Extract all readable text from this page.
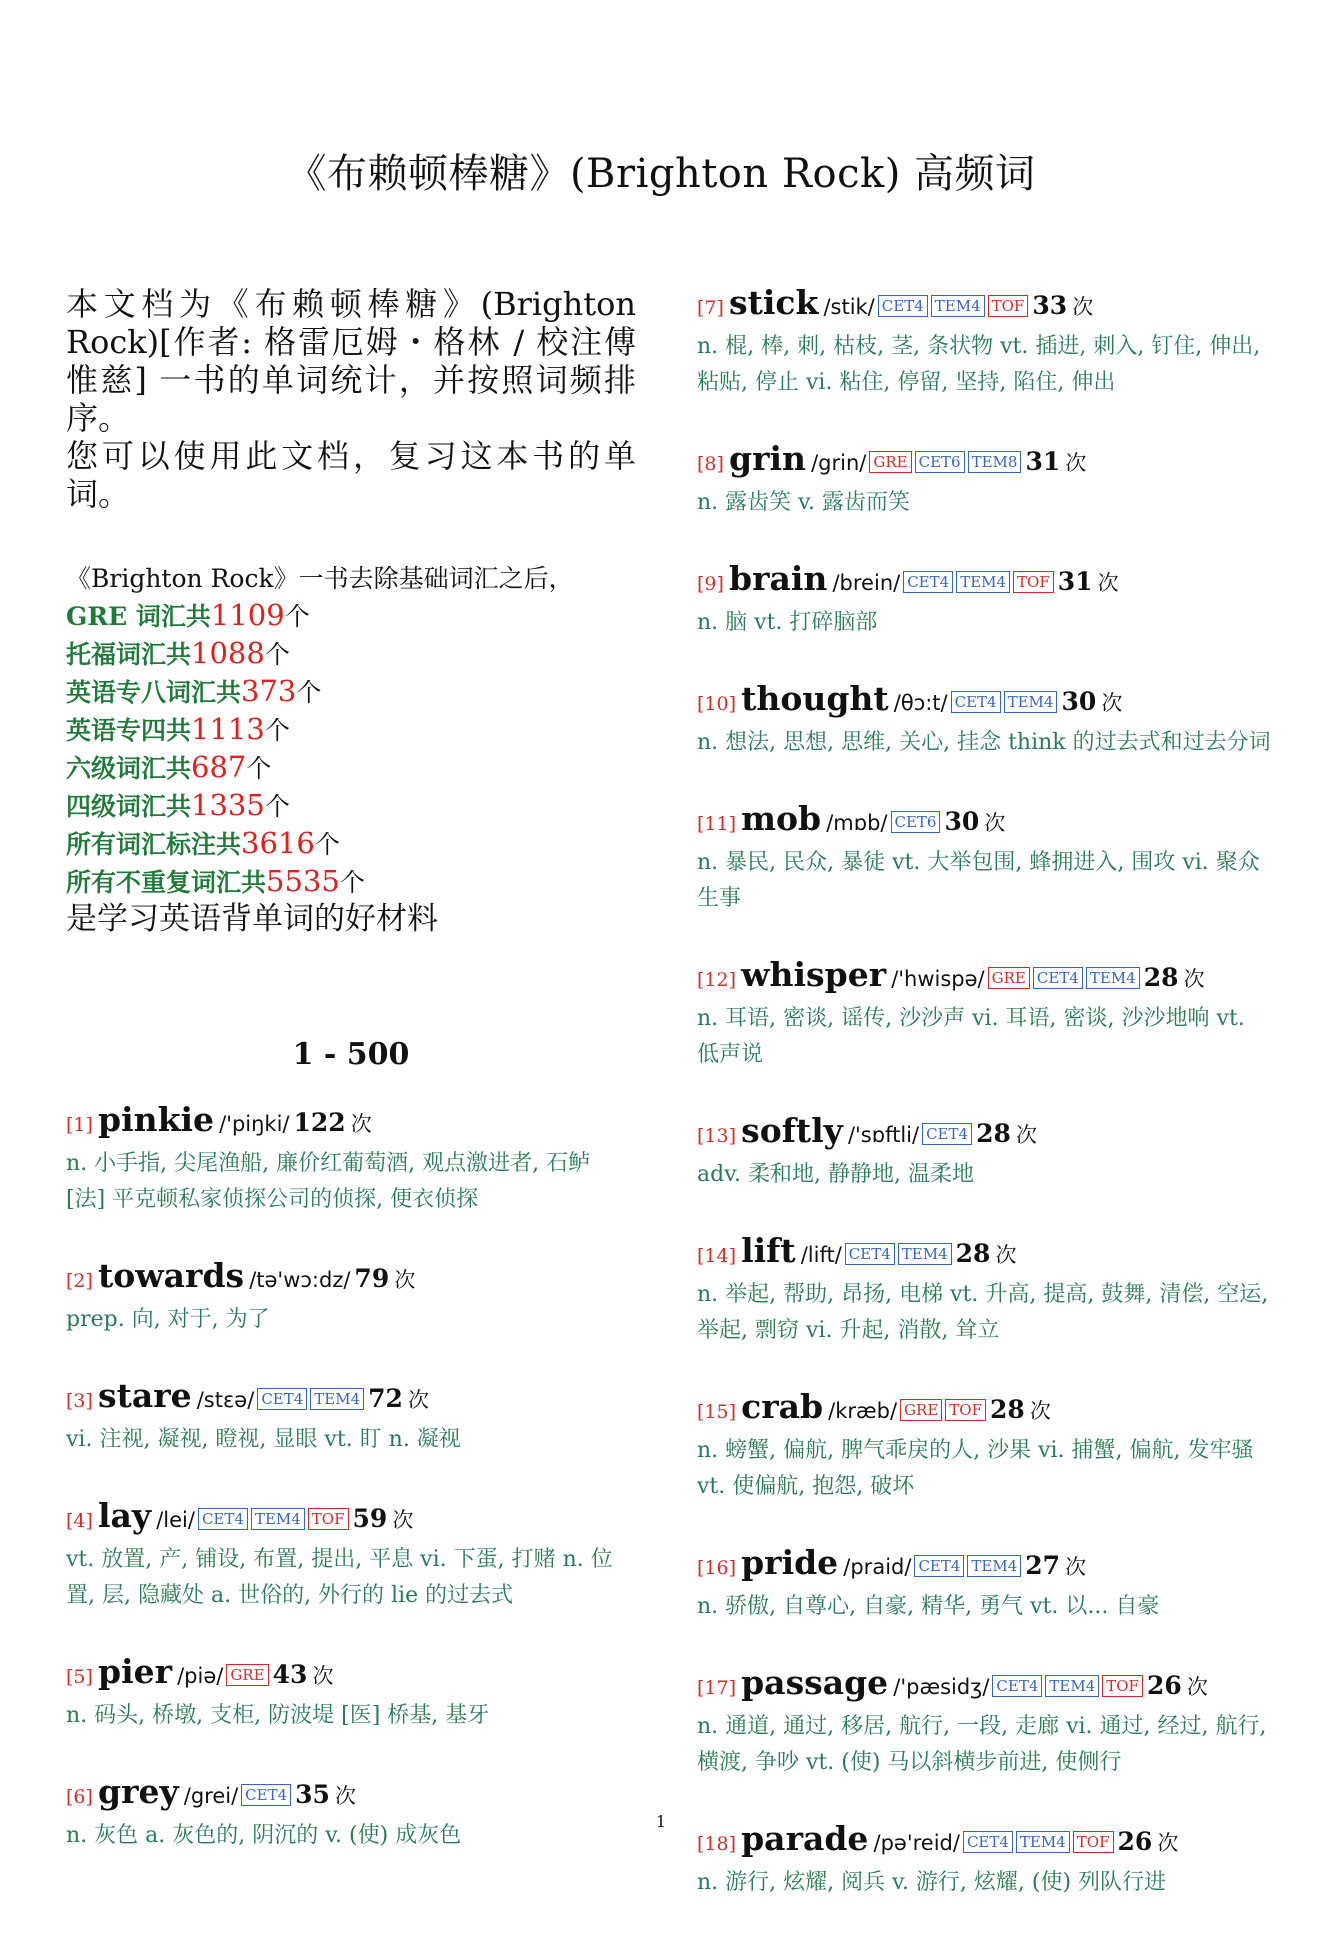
《布赖顿棒糖》(Brighton Rock) 高频词

本文档为《布赖顿棒糖》(Brighton Rock)[作者: 格雷厄姆・格林 / 校注傅惟慈] 一书的单词统计，并按照词频排序。

您可以使用此文档，复习这本书的单词。

《Brighton Rock》一书去除基础词汇之后，
GRE 词汇共1109个
托福词汇共1088个
英语专八词汇共373个
英语专四共1113个
六级词汇共687个
四级词汇共1335个
所有词汇标注共3616个
所有不重复词汇共5535个
是学习英语背单词的好材料
1 - 500
[1] pinkie /'piŋki/ 122 次

n. 小手指, 尖尾渔船, 廉价红葡萄酒, 观点激进者, 石鲈 [法] 平克顿私家侦探公司的侦探, 便衣侦探

[2] towards /tə'wɔ:dz/ 79 次

prep. 向, 对于, 为了

[3] stare /stεə/ CET4 TEM4 72 次

vi. 注视, 凝视, 瞪视, 显眼 vt. 盯 n. 凝视

[4] lay /lei/ CET4 TEM4 TOF 59 次

vt. 放置, 产, 铺设, 布置, 提出, 平息 vi. 下蛋, 打赌 n. 位置, 层, 隐藏处 a. 世俗的, 外行的 lie 的过去式

[5] pier /piə/ GRE 43 次

n. 码头, 桥墩, 支柜, 防波堤 [医] 桥基, 基牙

[6] grey /grei/ CET4 35 次

n. 灰色 a. 灰色的, 阴沉的 v. (使) 成灰色

[7] stick /stik/ CET4 TEM4 TOF 33 次

n. 棍, 棒, 刺, 枯枝, 茎, 条状物 vt. 插进, 刺入, 钉住, 伸出, 粘贴, 停止 vi. 粘住, 停留, 坚持, 陷住, 伸出

[8] grin /grin/ GRE CET6 TEM8 31 次

n. 露齿笑 v. 露齿而笑

[9] brain /brein/ CET4 TEM4 TOF 31 次

n. 脑 vt. 打碎脑部

[10] thought /θɔ:t/ CET4 TEM4 30 次

n. 想法, 思想, 思维, 关心, 挂念 think 的过去式和过去分词

[11] mob /mɒb/ CET6 30 次

n. 暴民, 民众, 暴徒 vt. 大举包围, 蜂拥进入, 围攻 vi. 聚众生事

[12] whisper /'hwispə/ GRE CET4 TEM4 28 次

n. 耳语, 密谈, 谣传, 沙沙声 vi. 耳语, 密谈, 沙沙地响 vt. 低声说

[13] softly /'sɒftli/ CET4 28 次

adv. 柔和地, 静静地, 温柔地

[14] lift /lift/ CET4 TEM4 28 次

n. 举起, 帮助, 昂扬, 电梯 vt. 升高, 提高, 鼓舞, 清偿, 空运, 举起, 剽窃 vi. 升起, 消散, 耸立

[15] crab /kræb/ GRE TOF 28 次

n. 螃蟹, 偏航, 脾气乖戾的人, 沙果 vi. 捕蟹, 偏航, 发牢骚 vt. 使偏航, 抱怨, 破坏

[16] pride /praid/ CET4 TEM4 27 次

n. 骄傲, 自尊心, 自豪, 精华, 勇气 vt. 以... 自豪

[17] passage /'pæsidʒ/ CET4 TEM4 TOF 26 次

n. 通道, 通过, 移居, 航行, 一段, 走廊 vi. 通过, 经过, 航行, 横渡, 争吵 vt. (使) 马以斜横步前进, 使侧行

[18] parade /pə'reid/ CET4 TEM4 TOF 26 次

n. 游行, 炫耀, 阅兵 v. 游行, 炫耀, (使) 列队行进

1
